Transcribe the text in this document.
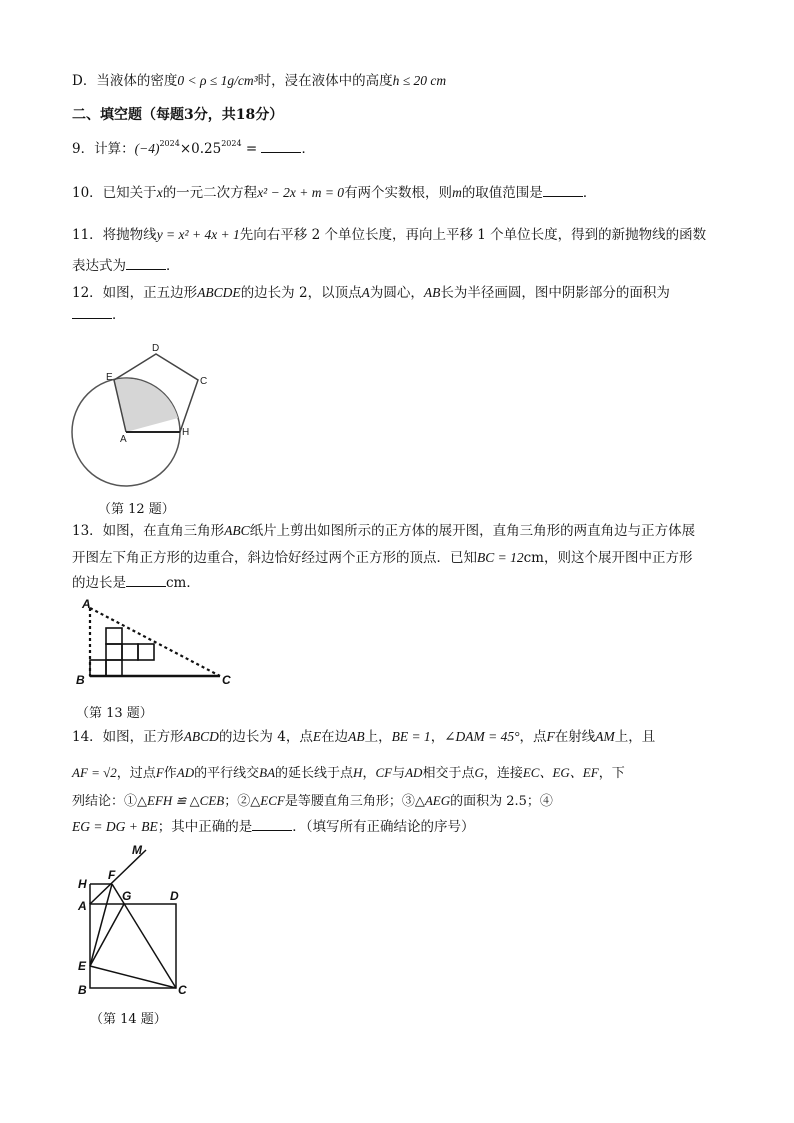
D．当液体的密度0 < ρ ≤ 1g/cm³时，浸在液体中的高度h ≤ 20 cm
二、填空题（每题3分，共18分）
9．计算：$(-4)^{2024}\times 0.25^{2024}$ =	．
10．已知关于x的一元二次方程x² − 2x + m = 0有两个实数根，则m的取值范围是	．
11．将抛物线y = x² + 4x + 1先向右平移 2 个单位长度，再向上平移 1 个单位长度，得到的新抛物线的函数
表达式为	．
12．如图，正五边形ABCDE的边长为 2，以顶点A为圆心，AB长为半径画圆，图中阴影部分的面积为
．
D
C
E
A
H
（第 12 题）
13．如图，在直角三角形ABC纸片上剪出如图所示的正方体的展开图，直角三角形的两直角边与正方体展
开图左下角正方形的边重合，斜边恰好经过两个正方形的顶点．已知BC = 12cm，则这个展开图中正方形
的边长是	cm．
A
B	C
（第 13 题）
14．如图，正方形ABCD的边长为 4，点E在边AB上，BE = 1，∠DAM = 45°，点F在射线AM上，且
AF = √2，过点F作AD的平行线交BA的延长线于点H，CF与AD相交于点G，连接EC、EG、EF，下
列结论：①△EFH ≌ △CEB；②△ECF是等腰直角三角形；③△AEG的面积为 2.5；④
EG = DG + BE；其中正确的是	．（填写所有正确结论的序号）
M
H
F
A
G	D
E
B	C
（第 14 题）
